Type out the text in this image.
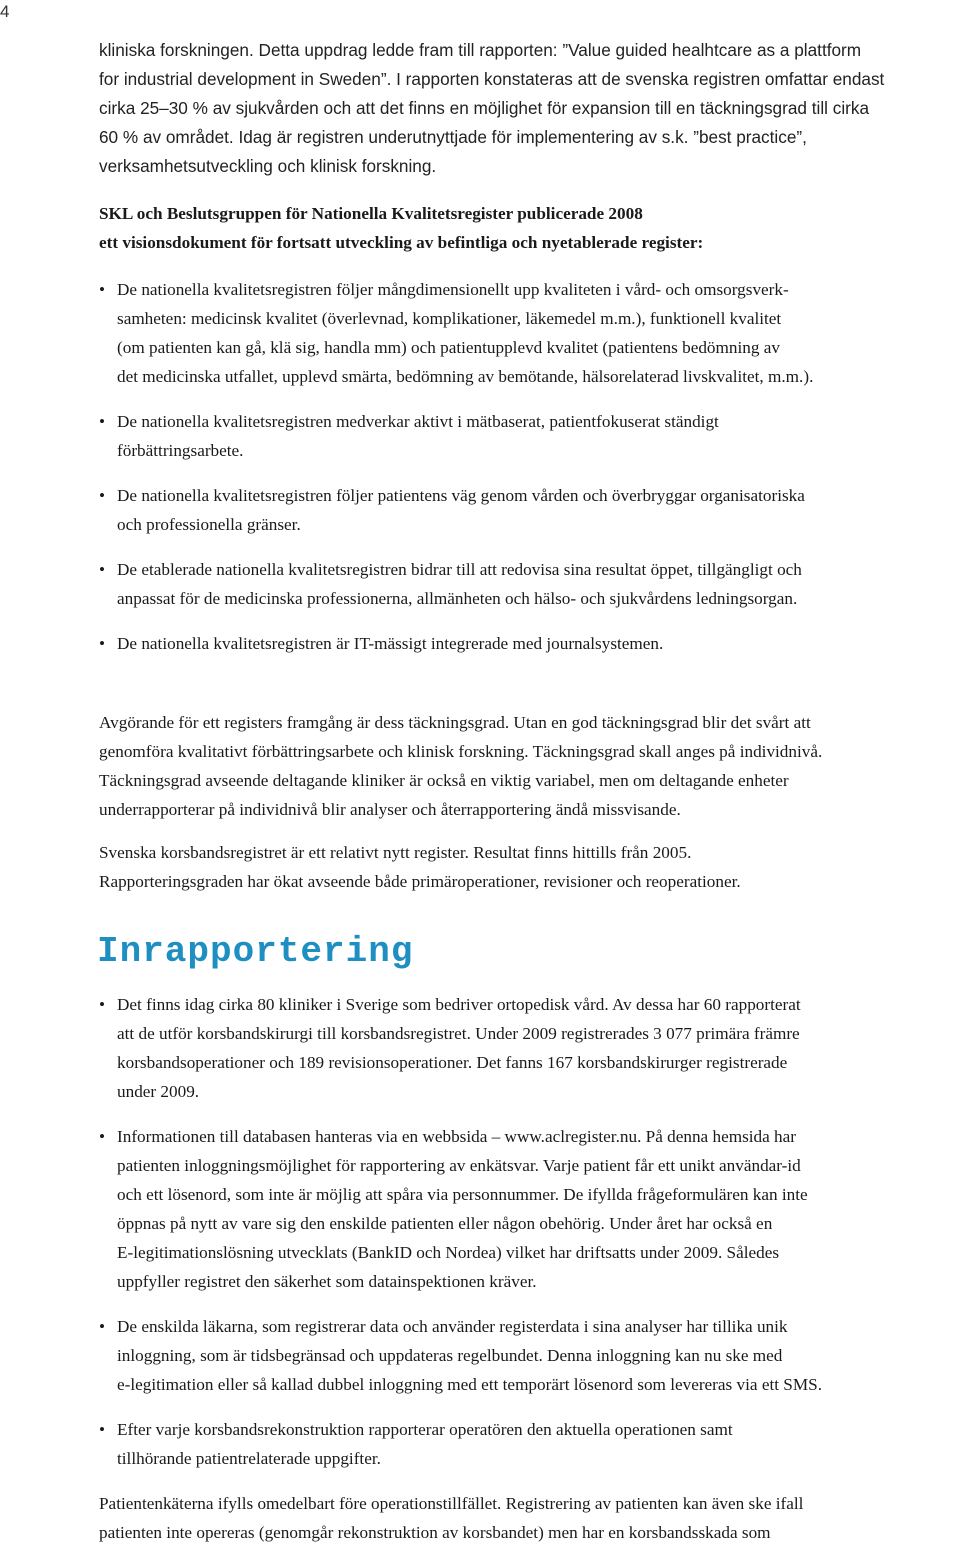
4

kliniska forskningen. Detta uppdrag ledde fram till rapporten: ”Value guided healhtcare as a plattform
for industrial development in Sweden”. I rapporten konstateras att de svenska registren omfattar endast
cirka 25–30 % av sjukvården och att det finns en möjlighet för expansion till en täckningsgrad till cirka
60 % av området. Idag är registren underutnyttjade för implementering av s.k. ”best practice”,
verksamhetsutveckling och klinisk forskning.

SKL och Beslutsgruppen för Nationella Kvalitetsregister publicerade 2008
ett visionsdokument för fortsatt utveckling av befintliga och nyetablerade register:

• De nationella kvalitetsregistren följer mångdimensionellt upp kvaliteten i vård- och omsorgsverk-
samheten: medicinsk kvalitet (överlevnad, komplikationer, läkemedel m.m.), funktionell kvalitet
(om patienten kan gå, klä sig, handla mm) och patientupplevd kvalitet (patientens bedömning av
det medicinska utfallet, upplevd smärta, bedömning av bemötande, hälsorelaterad livskvalitet, m.m.).
• De nationella kvalitetsregistren medverkar aktivt i mätbaserat, patientfokuserat ständigt
förbättringsarbete.
• De nationella kvalitetsregistren följer patientens väg genom vården och överbryggar organisatoriska
och professionella gränser.
• De etablerade nationella kvalitetsregistren bidrar till att redovisa sina resultat öppet, tillgängligt och
anpassat för de medicinska professionerna, allmänheten och hälso- och sjukvårdens ledningsorgan.
• De nationella kvalitetsregistren är IT-mässigt integrerade med journalsystemen.

Avgörande för ett registers framgång är dess täckningsgrad. Utan en god täckningsgrad blir det svårt att
genomföra kvalitativt förbättringsarbete och klinisk forskning. Täckningsgrad skall anges på individnivå.
Täckningsgrad avseende deltagande kliniker är också en viktig variabel, men om deltagande enheter
underrapporterar på individnivå blir analyser och återrapportering ändå missvisande.

Svenska korsbandsregistret är ett relativt nytt register. Resultat finns hittills från 2005.
Rapporteringsgraden har ökat avseende både primäroperationer, revisioner och reoperationer.

Inrapportering
• Det finns idag cirka 80 kliniker i Sverige som bedriver ortopedisk vård. Av dessa har 60 rapporterat
att de utför korsbandskirurgi till korsbandsregistret. Under 2009 registrerades 3 077 primära främre
korsbandsoperationer och 189 revisionsoperationer. Det fanns 167 korsbandskirurger registrerade
under 2009.
• Informationen till databasen hanteras via en webbsida – www.aclregister.nu. På denna hemsida har
patienten inloggningsmöjlighet för rapportering av enkätsvar. Varje patient får ett unikt användar-id
och ett lösenord, som inte är möjlig att spåra via personnummer. De ifyllda frågeformulären kan inte
öppnas på nytt av vare sig den enskilde patienten eller någon obehörig. Under året har också en
E-legitimationslösning utvecklats (BankID och Nordea) vilket har driftsatts under 2009. Således
uppfyller registret den säkerhet som datainspektionen kräver.
• De enskilda läkarna, som registrerar data och använder registerdata i sina analyser har tillika unik
inloggning, som är tidsbegränsad och uppdateras regelbundet. Denna inloggning kan nu ske med
e-legitimation eller så kallad dubbel inloggning med ett temporärt lösenord som levereras via ett SMS.
• Efter varje korsbandsrekonstruktion rapporterar operatören den aktuella operationen samt
tillhörande patientrelaterade uppgifter.

Patientenkäterna ifylls omedelbart före operationstillfället. Registrering av patienten kan även ske ifall
patienten inte opereras (genomgår rekonstruktion av korsbandet) men har en korsbandsskada som
